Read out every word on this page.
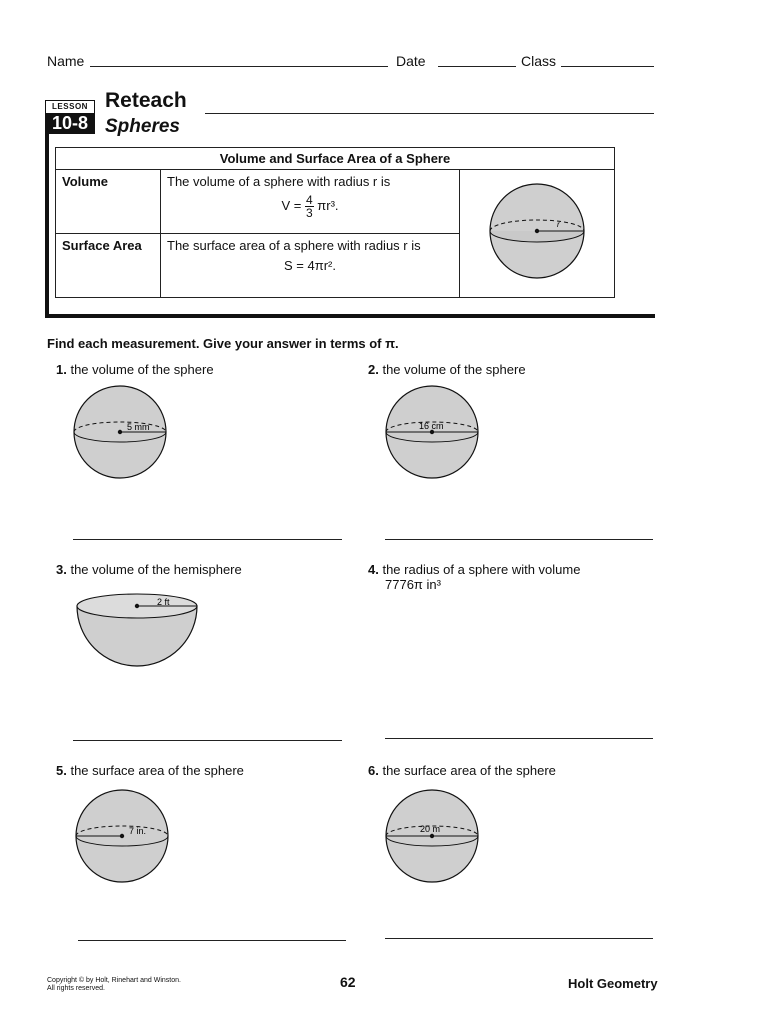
Name	Date	Class
LESSON
10-8
Reteach
Spheres
Volume and Surface Area of a Sphere		
Volume	The volume of a sphere with radius r is
$V = \frac{4}{3} \pi r^3$.	r

Surface Area	The surface area of a sphere with radius r is
S = 4πr².	
Find each measurement. Give your answer in terms of π.
1. the volume of the sphere
5 mm
2. the volume of the sphere
16 cm
3. the volume of the hemisphere
2 ft
4. the radius of a sphere with volume
7776π in³
5. the surface area of the sphere
7 in.
6. the surface area of the sphere
20 m
Copyright © by Holt, Rinehart and Winston.
All rights reserved.	62	Holt Geometry
